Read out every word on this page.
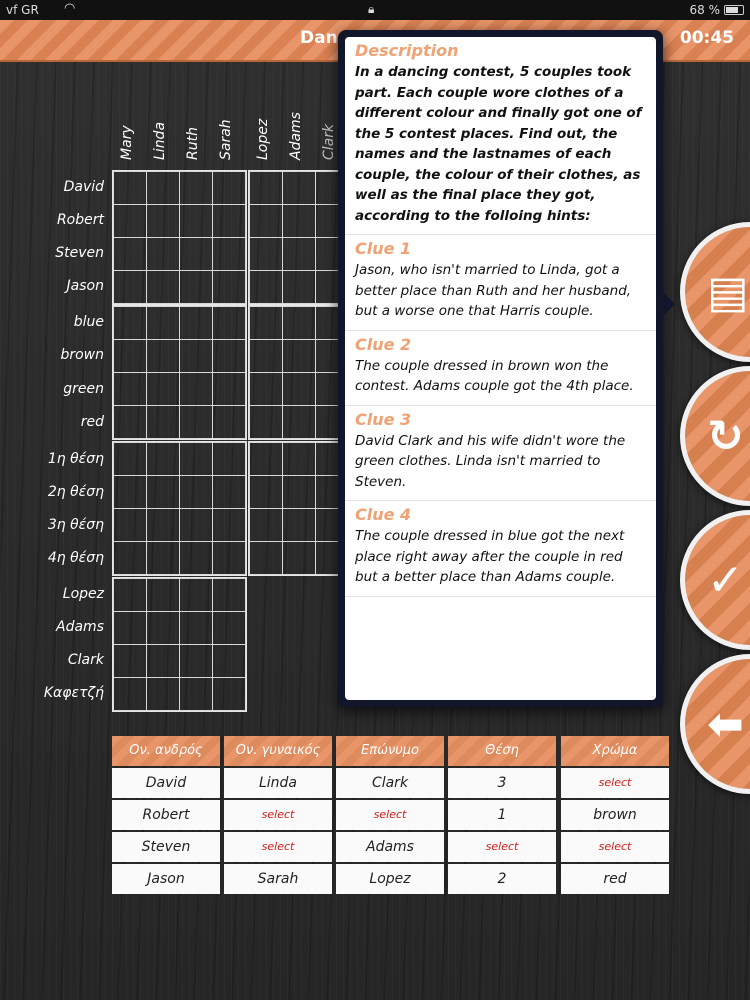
vf GR ◠	🔒︎	68 %
Dan	00:45
Mary Linda Ruth Sarah Lopez Adams Clark
David
Robert
Steven
Jason
blue
brown
green
red
1η θέση
2η θέση
3η θέση
4η θέση
Lopez
Adams
Clark
Καφετζή

Ον. ανδρός	Ον. γυναικός	Επώνυμο	Θέση	Χρώμα
David	Linda	Clark	3	select
Robert	select	select	1	brown
Steven	select	Adams	select	select
Jason	Sarah	Lopez	2	red
▤
↻
✓
⬅
Description
In a dancing contest, 5 couples took part. Each couple wore clothes of a different colour and finally got one of the 5 contest places. Find out, the names and the lastnames of each couple, the colour of their clothes, as well as the final place they got, according to the folloing hints:
Clue 1
Jason, who isn't married to Linda, got a better place than Ruth and her husband, but a worse one that Harris couple.
Clue 2
The couple dressed in brown won the contest. Adams couple got the 4th place.
Clue 3
David Clark and his wife didn't wore the green clothes. Linda isn't married to Steven.
Clue 4
The couple dressed in blue got the next place right away after the couple in red but a better place than Adams couple.
